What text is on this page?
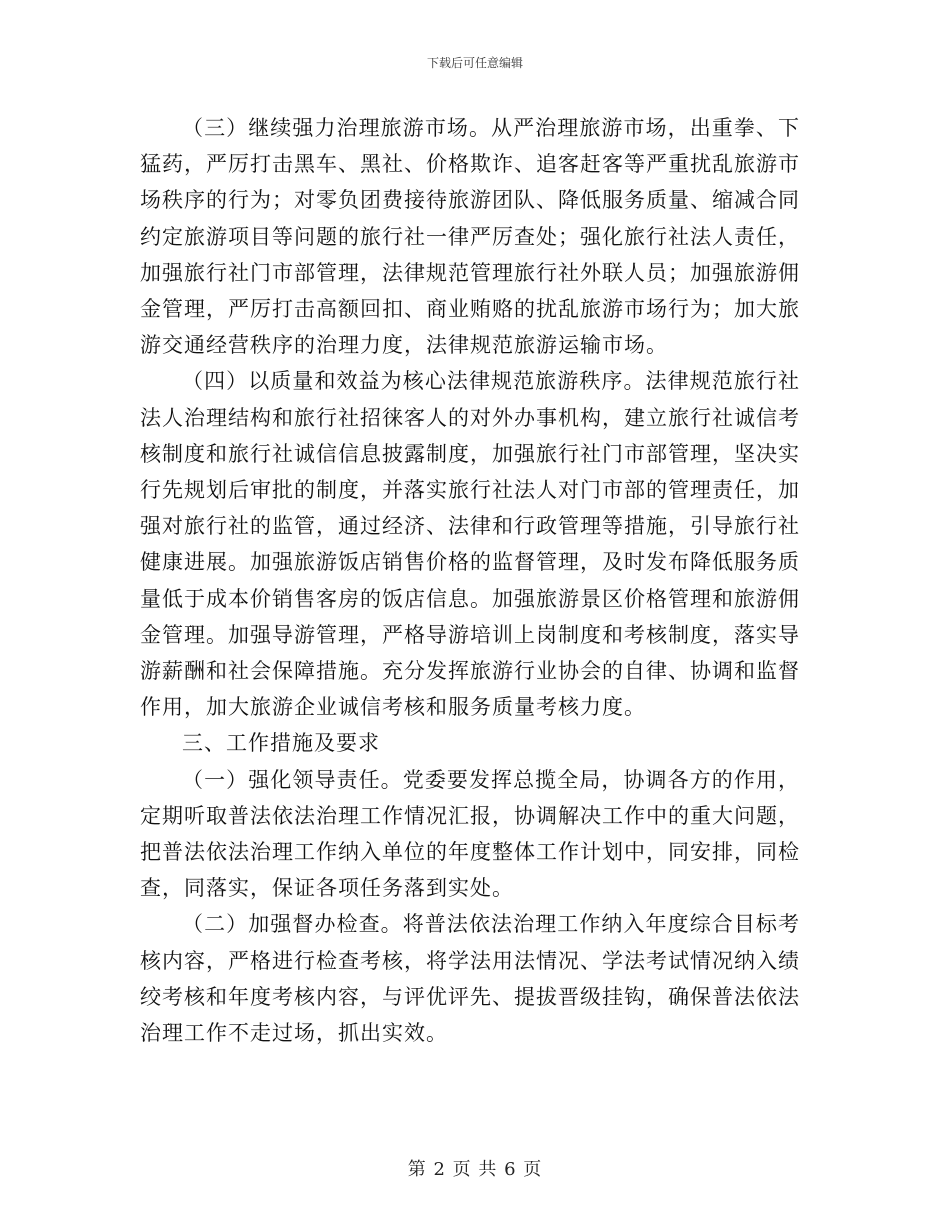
下载后可任意编辑

（三）继续强力治理旅游市场。从严治理旅游市场，出重拳、下猛药，严厉打击黑车、黑社、价格欺诈、追客赶客等严重扰乱旅游市场秩序的行为；对零负团费接待旅游团队、降低服务质量、缩减合同约定旅游项目等问题的旅行社一律严厉查处；强化旅行社法人责任，加强旅行社门市部管理，法律规范管理旅行社外联人员；加强旅游佣金管理，严厉打击高额回扣、商业贿赂的扰乱旅游市场行为；加大旅游交通经营秩序的治理力度，法律规范旅游运输市场。

（四）以质量和效益为核心法律规范旅游秩序。法律规范旅行社法人治理结构和旅行社招徕客人的对外办事机构，建立旅行社诚信考核制度和旅行社诚信信息披露制度，加强旅行社门市部管理，坚决实行先规划后审批的制度，并落实旅行社法人对门市部的管理责任，加强对旅行社的监管，通过经济、法律和行政管理等措施，引导旅行社健康进展。加强旅游饭店销售价格的监督管理，及时发布降低服务质量低于成本价销售客房的饭店信息。加强旅游景区价格管理和旅游佣金管理。加强导游管理，严格导游培训上岗制度和考核制度，落实导游薪酬和社会保障措施。充分发挥旅游行业协会的自律、协调和监督作用，加大旅游企业诚信考核和服务质量考核力度。

三、工作措施及要求

（一）强化领导责任。党委要发挥总揽全局，协调各方的作用，定期听取普法依法治理工作情况汇报，协调解决工作中的重大问题，把普法依法治理工作纳入单位的年度整体工作计划中，同安排，同检查，同落实，保证各项任务落到实处。

（二）加强督办检查。将普法依法治理工作纳入年度综合目标考核内容，严格进行检查考核，将学法用法情况、学法考试情况纳入绩绞考核和年度考核内容，与评优评先、提拔晋级挂钩，确保普法依法治理工作不走过场，抓出实效。

第 2 页 共 6 页
